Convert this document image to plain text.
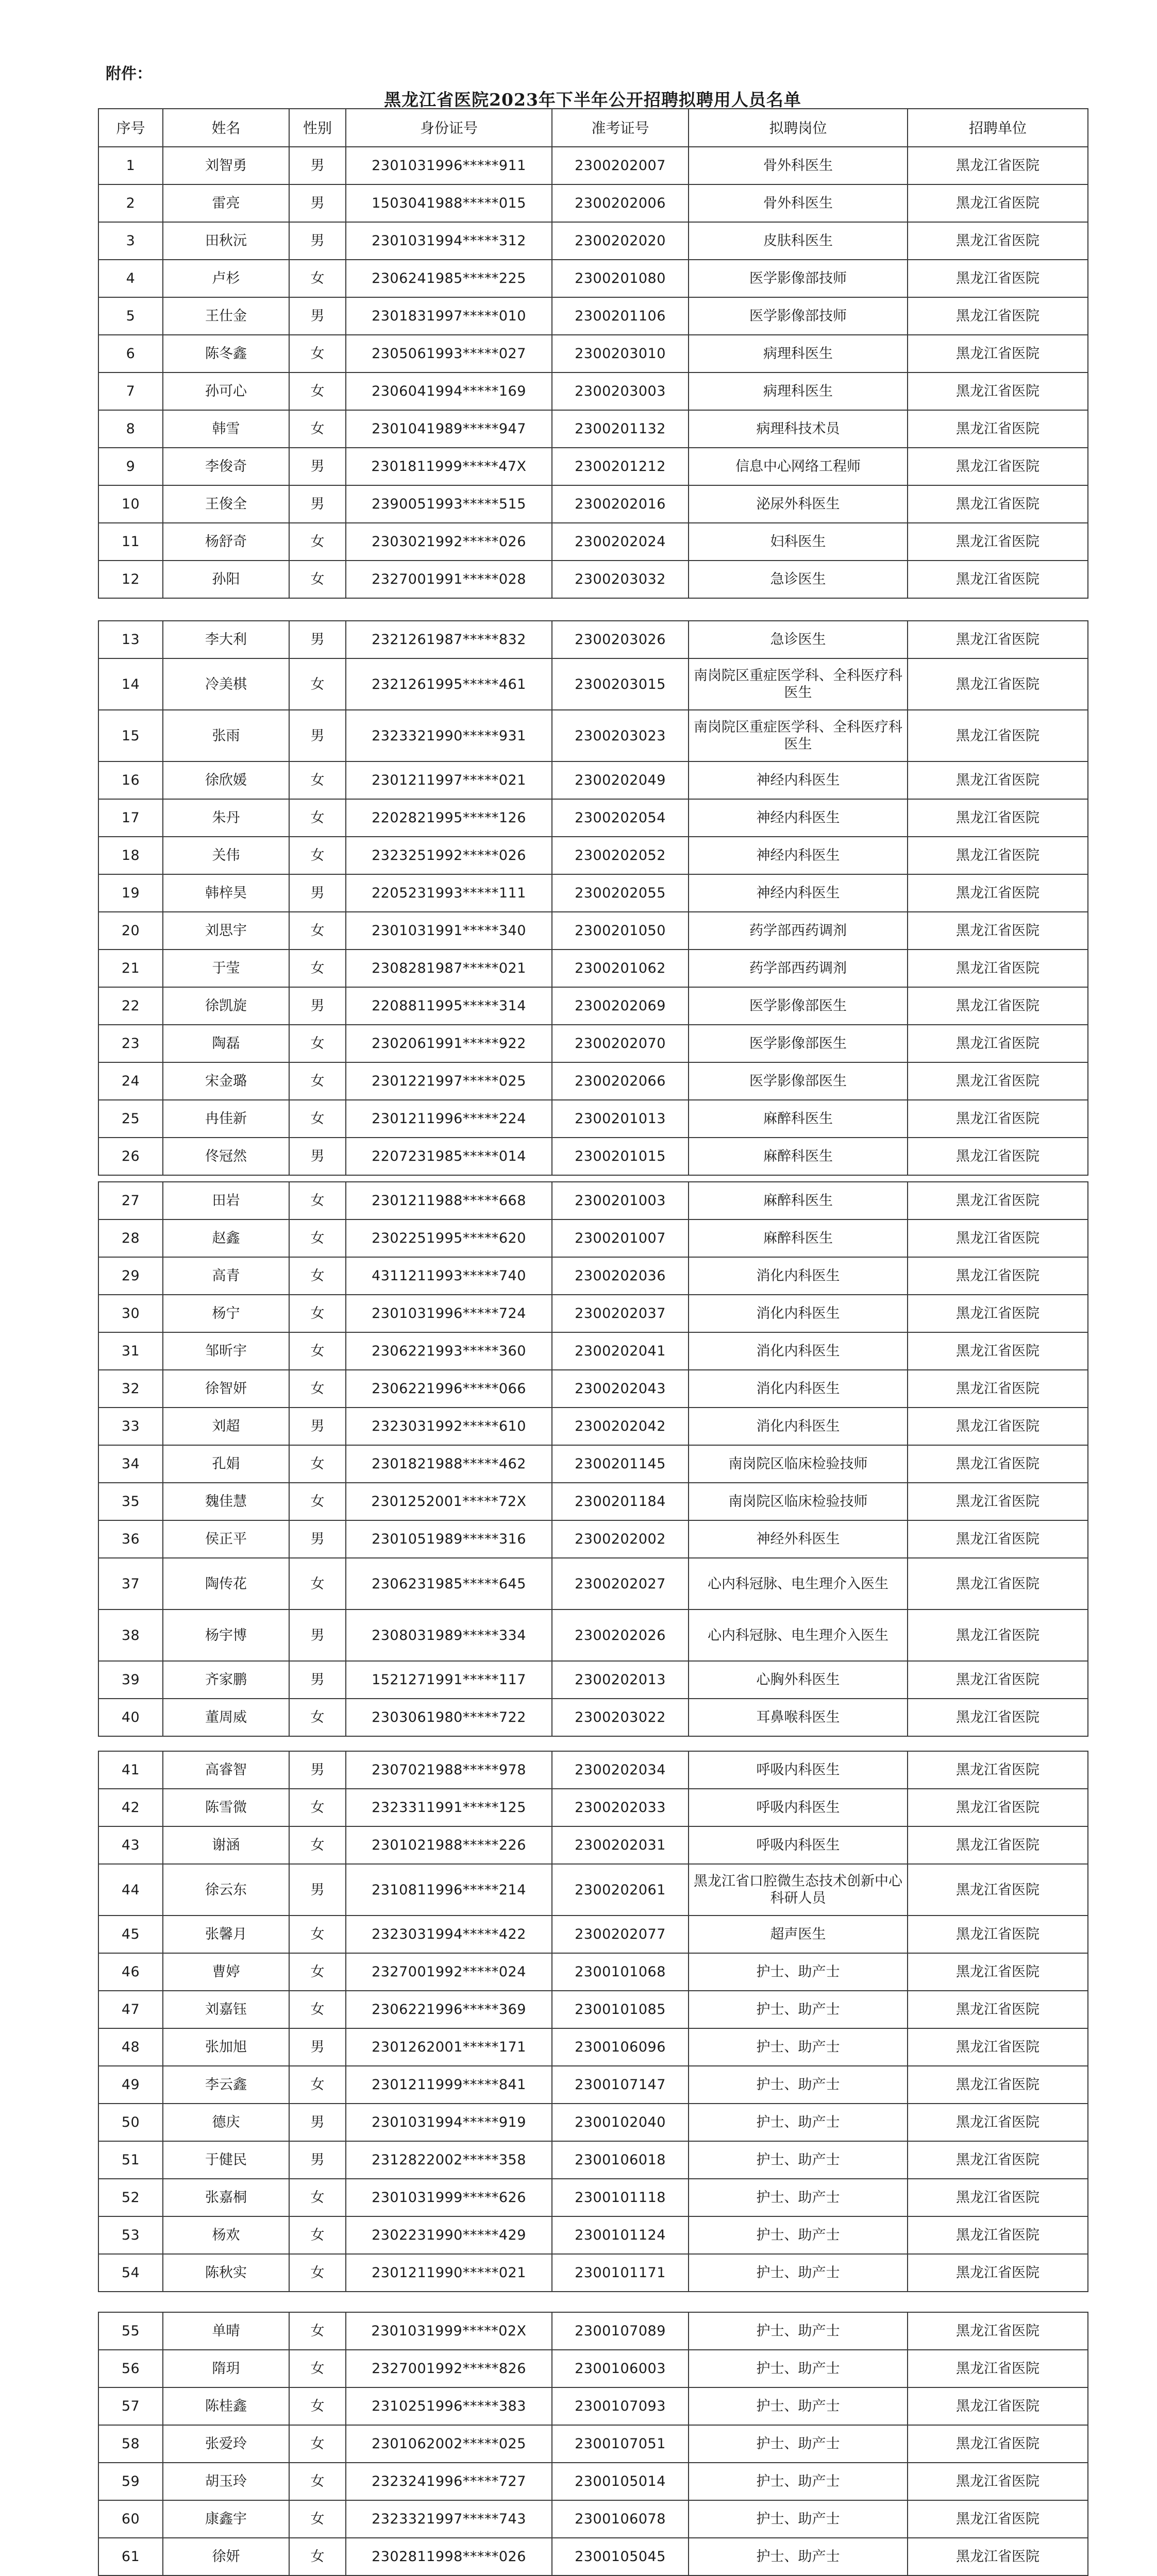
附件：
黑龙江省医院2023年下半年公开招聘拟聘用人员名单
序号	姓名	性别	身份证号	准考证号	拟聘岗位	招聘单位
1	刘智勇	男	2301031996*****911	2300202007	骨外科医生	黑龙江省医院
2	雷亮	男	1503041988*****015	2300202006	骨外科医生	黑龙江省医院
3	田秋沅	男	2301031994*****312	2300202020	皮肤科医生	黑龙江省医院
4	卢杉	女	2306241985*****225	2300201080	医学影像部技师	黑龙江省医院
5	王仕金	男	2301831997*****010	2300201106	医学影像部技师	黑龙江省医院
6	陈冬鑫	女	2305061993*****027	2300203010	病理科医生	黑龙江省医院
7	孙可心	女	2306041994*****169	2300203003	病理科医生	黑龙江省医院
8	韩雪	女	2301041989*****947	2300201132	病理科技术员	黑龙江省医院
9	李俊奇	男	2301811999*****47X	2300201212	信息中心网络工程师	黑龙江省医院
10	王俊全	男	2390051993*****515	2300202016	泌尿外科医生	黑龙江省医院
11	杨舒奇	女	2303021992*****026	2300202024	妇科医生	黑龙江省医院
12	孙阳	女	2327001991*****028	2300203032	急诊医生	黑龙江省医院
13	李大利	男	2321261987*****832	2300203026	急诊医生	黑龙江省医院
14	冷美棋	女	2321261995*****461	2300203015	南岗院区重症医学科、全科医疗科医生	黑龙江省医院
15	张雨	男	2323321990*****931	2300203023	南岗院区重症医学科、全科医疗科医生	黑龙江省医院
16	徐欣媛	女	2301211997*****021	2300202049	神经内科医生	黑龙江省医院
17	朱丹	女	2202821995*****126	2300202054	神经内科医生	黑龙江省医院
18	关伟	女	2323251992*****026	2300202052	神经内科医生	黑龙江省医院
19	韩梓昊	男	2205231993*****111	2300202055	神经内科医生	黑龙江省医院
20	刘思宇	女	2301031991*****340	2300201050	药学部西药调剂	黑龙江省医院
21	于莹	女	2308281987*****021	2300201062	药学部西药调剂	黑龙江省医院
22	徐凯旋	男	2208811995*****314	2300202069	医学影像部医生	黑龙江省医院
23	陶磊	女	2302061991*****922	2300202070	医学影像部医生	黑龙江省医院
24	宋金璐	女	2301221997*****025	2300202066	医学影像部医生	黑龙江省医院
25	冉佳新	女	2301211996*****224	2300201013	麻醉科医生	黑龙江省医院
26	佟冠然	男	2207231985*****014	2300201015	麻醉科医生	黑龙江省医院
27	田岩	女	2301211988*****668	2300201003	麻醉科医生	黑龙江省医院
28	赵鑫	女	2302251995*****620	2300201007	麻醉科医生	黑龙江省医院
29	高青	女	4311211993*****740	2300202036	消化内科医生	黑龙江省医院
30	杨宁	女	2301031996*****724	2300202037	消化内科医生	黑龙江省医院
31	邹昕宇	女	2306221993*****360	2300202041	消化内科医生	黑龙江省医院
32	徐智妍	女	2306221996*****066	2300202043	消化内科医生	黑龙江省医院
33	刘超	男	2323031992*****610	2300202042	消化内科医生	黑龙江省医院
34	孔娟	女	2301821988*****462	2300201145	南岗院区临床检验技师	黑龙江省医院
35	魏佳慧	女	2301252001*****72X	2300201184	南岗院区临床检验技师	黑龙江省医院
36	侯正平	男	2301051989*****316	2300202002	神经外科医生	黑龙江省医院
37	陶传花	女	2306231985*****645	2300202027	心内科冠脉、电生理介入医生	黑龙江省医院
38	杨宇博	男	2308031989*****334	2300202026	心内科冠脉、电生理介入医生	黑龙江省医院
39	齐家鹏	男	1521271991*****117	2300202013	心胸外科医生	黑龙江省医院
40	董周威	女	2303061980*****722	2300203022	耳鼻喉科医生	黑龙江省医院
41	高睿智	男	2307021988*****978	2300202034	呼吸内科医生	黑龙江省医院
42	陈雪微	女	2323311991*****125	2300202033	呼吸内科医生	黑龙江省医院
43	谢涵	女	2301021988*****226	2300202031	呼吸内科医生	黑龙江省医院
44	徐云东	男	2310811996*****214	2300202061	黑龙江省口腔微生态技术创新中心科研人员	黑龙江省医院
45	张馨月	女	2323031994*****422	2300202077	超声医生	黑龙江省医院
46	曹婷	女	2327001992*****024	2300101068	护士、助产士	黑龙江省医院
47	刘嘉钰	女	2306221996*****369	2300101085	护士、助产士	黑龙江省医院
48	张加旭	男	2301262001*****171	2300106096	护士、助产士	黑龙江省医院
49	李云鑫	女	2301211999*****841	2300107147	护士、助产士	黑龙江省医院
50	德庆	男	2301031994*****919	2300102040	护士、助产士	黑龙江省医院
51	于健民	男	2312822002*****358	2300106018	护士、助产士	黑龙江省医院
52	张嘉桐	女	2301031999*****626	2300101118	护士、助产士	黑龙江省医院
53	杨欢	女	2302231990*****429	2300101124	护士、助产士	黑龙江省医院
54	陈秋实	女	2301211990*****021	2300101171	护士、助产士	黑龙江省医院
55	单晴	女	2301031999*****02X	2300107089	护士、助产士	黑龙江省医院
56	隋玥	女	2327001992*****826	2300106003	护士、助产士	黑龙江省医院
57	陈桂鑫	女	2310251996*****383	2300107093	护士、助产士	黑龙江省医院
58	张爱玲	女	2301062002*****025	2300107051	护士、助产士	黑龙江省医院
59	胡玉玲	女	2323241996*****727	2300105014	护士、助产士	黑龙江省医院
60	康鑫宇	女	2323321997*****743	2300106078	护士、助产士	黑龙江省医院
61	徐妍	女	2302811998*****026	2300105045	护士、助产士	黑龙江省医院
